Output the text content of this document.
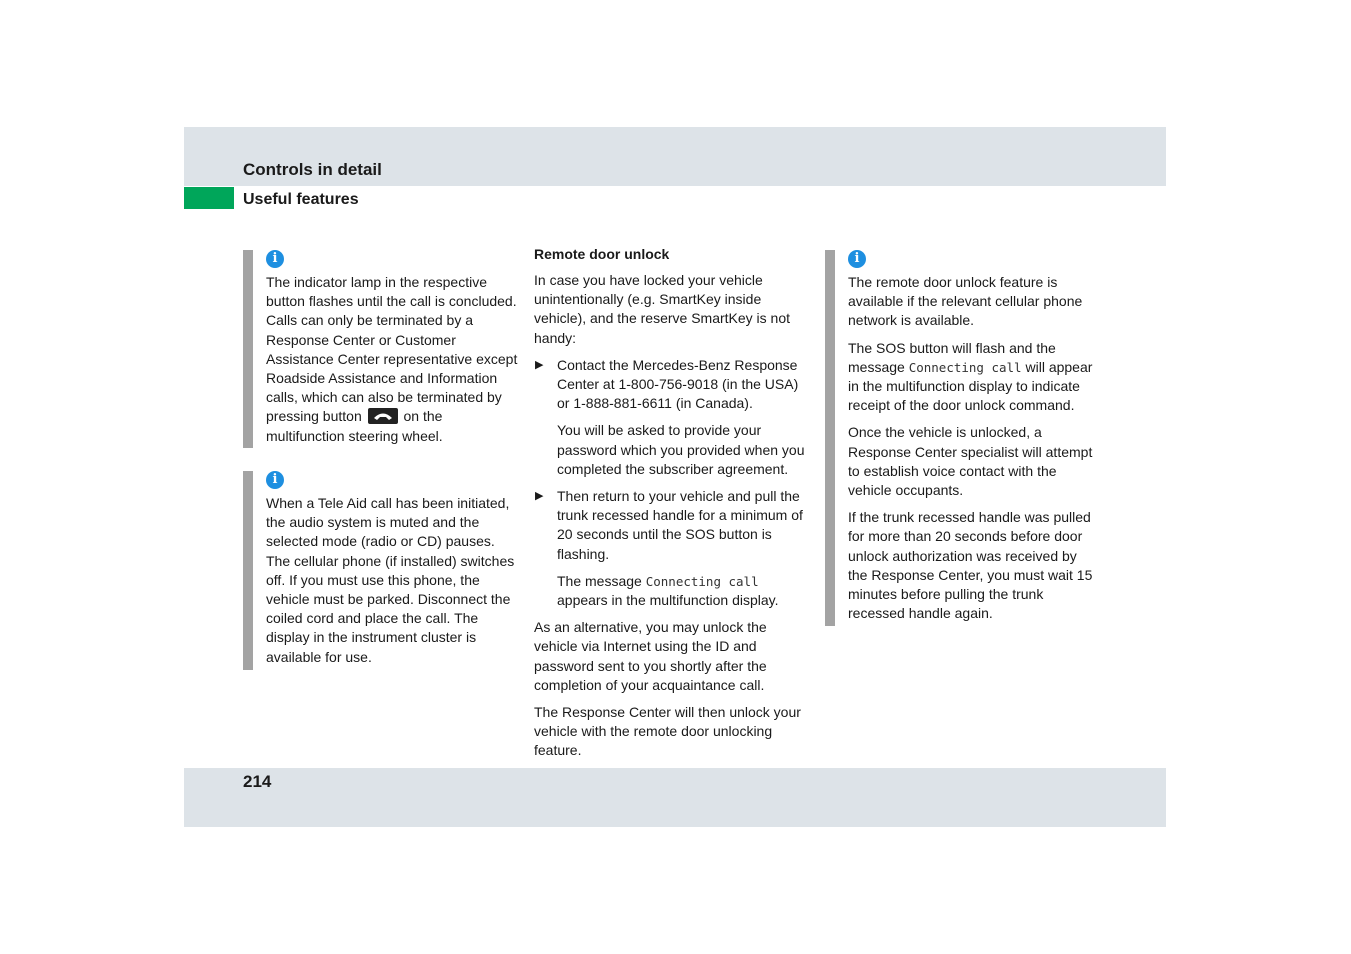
Controls in detail
Useful features
i

The indicator lamp in the respective button flashes until the call is concluded. Calls can only be terminated by a Response Center or Customer Assistance Center representative except Roadside Assistance and Information calls, which can also be terminated by pressing button	on the multifunction steering wheel.

i

When a Tele Aid call has been initiated, the audio system is muted and the selected mode (radio or CD) pauses. The cellular phone (if installed) switches off. If you must use this phone, the vehicle must be parked. Disconnect the coiled cord and place the call. The display in the instrument cluster is available for use.

Remote door unlock

In case you have locked your vehicle unintentionally (e.g. SmartKey inside vehicle), and the reserve SmartKey is not handy:

▶ Contact the Mercedes-Benz Response Center at 1-800-756-9018 (in the USA) or 1-888-881-6611 (in Canada).

You will be asked to provide your password which you provided when you completed the subscriber agreement.

▶ Then return to your vehicle and pull the trunk recessed handle for a minimum of 20 seconds until the SOS button is flashing.

The message Connecting call appears in the multifunction display.

As an alternative, you may unlock the vehicle via Internet using the ID and password sent to you shortly after the completion of your acquaintance call.

The Response Center will then unlock your vehicle with the remote door unlocking feature.

i

The remote door unlock feature is available if the relevant cellular phone network is available.

The SOS button will flash and the message Connecting call will appear in the multifunction display to indicate receipt of the door unlock command.

Once the vehicle is unlocked, a Response Center specialist will attempt to establish voice contact with the vehicle occupants.

If the trunk recessed handle was pulled for more than 20 seconds before door unlock authorization was received by the Response Center, you must wait 15 minutes before pulling the trunk recessed handle again.

214
